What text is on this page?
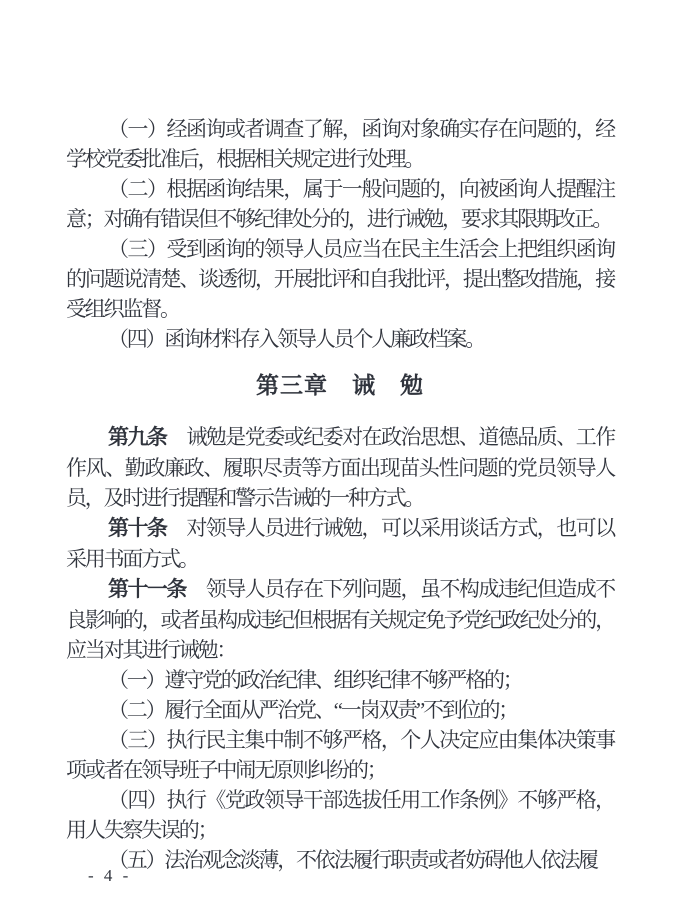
（一）经函询或者调查了解，函询对象确实存在问题的，经学校党委批准后，根据相关规定进行处理。

（二）根据函询结果，属于一般问题的，向被函询人提醒注意；对确有错误但不够纪律处分的，进行诫勉，要求其限期改正。

（三）受到函询的领导人员应当在民主生活会上把组织函询的问题说清楚、谈透彻，开展批评和自我批评，提出整改措施，接受组织监督。

（四）函询材料存入领导人员个人廉政档案。

第三章　诫　勉

第九条 诫勉是党委或纪委对在政治思想、道德品质、工作作风、勤政廉政、履职尽责等方面出现苗头性问题的党员领导人员，及时进行提醒和警示告诫的一种方式。

第十条 对领导人员进行诫勉，可以采用谈话方式，也可以采用书面方式。

第十一条 领导人员存在下列问题，虽不构成违纪但造成不良影响的，或者虽构成违纪但根据有关规定免予党纪政纪处分的，应当对其进行诫勉：

（一）遵守党的政治纪律、组织纪律不够严格的；

（二）履行全面从严治党、“一岗双责”不到位的；

（三）执行民主集中制不够严格，个人决定应由集体决策事项或者在领导班子中闹无原则纠纷的；

（四）执行《党政领导干部选拔任用工作条例》不够严格，用人失察失误的；

（五）法治观念淡薄，不依法履行职责或者妨碍他人依法履

- 4 -
